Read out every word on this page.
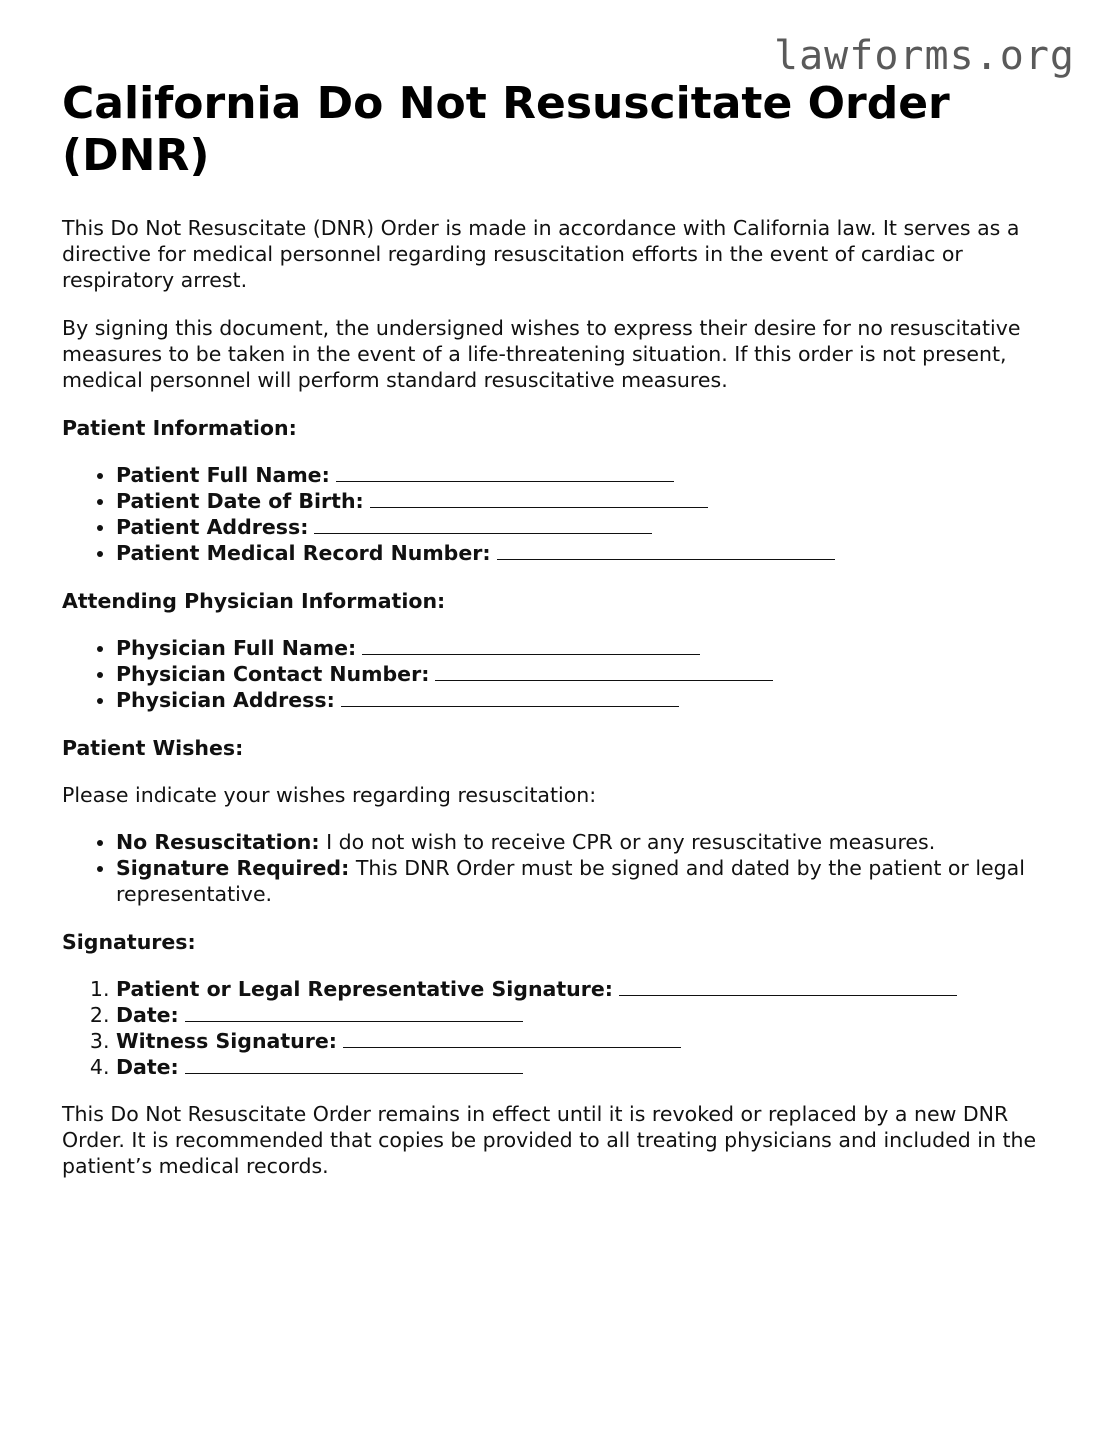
lawforms.org
California Do Not Resuscitate Order (DNR)

This Do Not Resuscitate (DNR) Order is made in accordance with California law. It serves as a directive for medical personnel regarding resuscitation efforts in the event of cardiac or respiratory arrest.

By signing this document, the undersigned wishes to express their desire for no resuscitative measures to be taken in the event of a life-threatening situation. If this order is not present, medical personnel will perform standard resuscitative measures.

Patient Information:
• Patient Full Name:
• Patient Date of Birth:
• Patient Address:
• Patient Medical Record Number:
Attending Physician Information:
• Physician Full Name:
• Physician Contact Number:
• Physician Address:
Patient Wishes:

Please indicate your wishes regarding resuscitation:

• No Resuscitation: I do not wish to receive CPR or any resuscitative measures.
• Signature Required: This DNR Order must be signed and dated by the patient or legal representative.
Signatures:
1. Patient or Legal Representative Signature:
2. Date:
3. Witness Signature:
4. Date:

This Do Not Resuscitate Order remains in effect until it is revoked or replaced by a new DNR Order. It is recommended that copies be provided to all treating physicians and included in the patient’s medical records.
